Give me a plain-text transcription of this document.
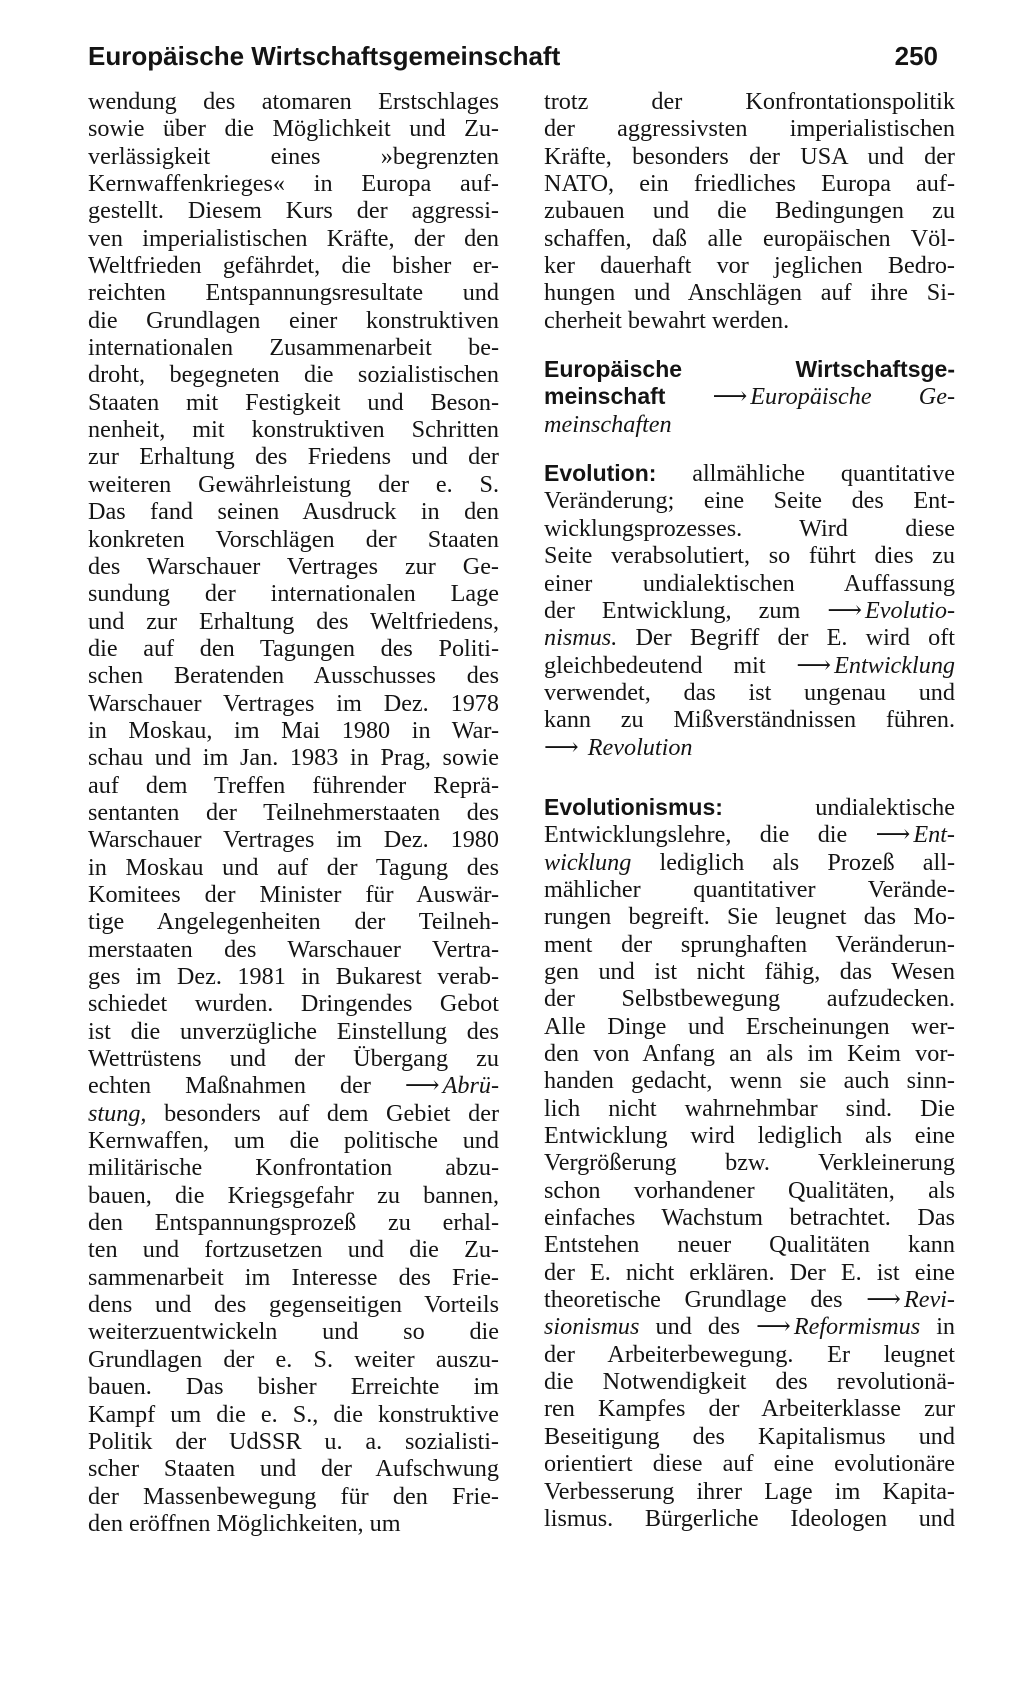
Europäische Wirtschaftsgemeinschaft	250
wendung des atomaren Erstschlages
sowie über die Möglichkeit und Zu-
verlässigkeit eines »begrenzten
Kernwaffenkrieges« in Europa auf-
gestellt. Diesem Kurs der aggressi-
ven imperialistischen Kräfte, der den
Weltfrieden gefährdet, die bisher er-
reichten Entspannungsresultate und
die Grundlagen einer konstruktiven
internationalen Zusammenarbeit be-
droht, begegneten die sozialistischen
Staaten mit Festigkeit und Beson-
nenheit, mit konstruktiven Schritten
zur Erhaltung des Friedens und der
weiteren Gewährleistung der e. S.
Das fand seinen Ausdruck in den
konkreten Vorschlägen der Staaten
des Warschauer Vertrages zur Ge-
sundung der internationalen Lage
und zur Erhaltung des Weltfriedens,
die auf den Tagungen des Politi-
schen Beratenden Ausschusses des
Warschauer Vertrages im Dez. 1978
in Moskau, im Mai 1980 in War-
schau und im Jan. 1983 in Prag, sowie
auf dem Treffen führender Reprä-
sentanten der Teilnehmerstaaten des
Warschauer Vertrages im Dez. 1980
in Moskau und auf der Tagung des
Komitees der Minister für Auswär-
tige Angelegenheiten der Teilneh-
merstaaten des Warschauer Vertra-
ges im Dez. 1981 in Bukarest verab-
schiedet wurden. Dringendes Gebot
ist die unverzügliche Einstellung des
Wettrüstens und der Übergang zu
echten Maßnahmen der ⟶ Abrü-
stung, besonders auf dem Gebiet der
Kernwaffen, um die politische und
militärische Konfrontation abzu-
bauen, die Kriegsgefahr zu bannen,
den Entspannungsprozeß zu erhal-
ten und fortzusetzen und die Zu-
sammenarbeit im Interesse des Frie-
dens und des gegenseitigen Vorteils
weiterzuentwickeln und so die
Grundlagen der e. S. weiter auszu-
bauen. Das bisher Erreichte im
Kampf um die e. S., die konstruktive
Politik der UdSSR u. a. sozialisti-
scher Staaten und der Aufschwung
der Massenbewegung für den Frie-
den eröffnen Möglichkeiten, um
trotz der Konfrontationspolitik
der aggressivsten imperialistischen
Kräfte, besonders der USA und der
NATO, ein friedliches Europa auf-
zubauen und die Bedingungen zu
schaffen, daß alle europäischen Völ-
ker dauerhaft vor jeglichen Bedro-
hungen und Anschlägen auf ihre Si-
cherheit bewahrt werden.
Europäische Wirtschaftsge-
meinschaft ⟶ Europäische Ge-
meinschaften
Evolution: allmähliche quantitative
Veränderung; eine Seite des Ent-
wicklungsprozesses. Wird diese
Seite verabsolutiert, so führt dies zu
einer undialektischen Auffassung
der Entwicklung, zum ⟶ Evolutio-
nismus. Der Begriff der E. wird oft
gleichbedeutend mit ⟶ Entwicklung
verwendet, das ist ungenau und
kann zu Mißverständnissen führen.
⟶ Revolution
Evolutionismus:	undialektische
Entwicklungslehre, die die ⟶ Ent-
wicklung lediglich als Prozeß all-
mählicher quantitativer Verände-
rungen begreift. Sie leugnet das Mo-
ment der sprunghaften Veränderun-
gen und ist nicht fähig, das Wesen
der Selbstbewegung aufzudecken.
Alle Dinge und Erscheinungen wer-
den von Anfang an als im Keim vor-
handen gedacht, wenn sie auch sinn-
lich nicht wahrnehmbar sind. Die
Entwicklung wird lediglich als eine
Vergrößerung bzw. Verkleinerung
schon vorhandener Qualitäten, als
einfaches Wachstum betrachtet. Das
Entstehen neuer Qualitäten kann
der E. nicht erklären. Der E. ist eine
theoretische Grundlage des ⟶ Revi-
sionismus und des ⟶ Reformismus in
der Arbeiterbewegung. Er leugnet
die Notwendigkeit des revolutionä-
ren Kampfes der Arbeiterklasse zur
Beseitigung des Kapitalismus und
orientiert diese auf eine evolutionäre
Verbesserung ihrer Lage im Kapita-
lismus. Bürgerliche Ideologen und
